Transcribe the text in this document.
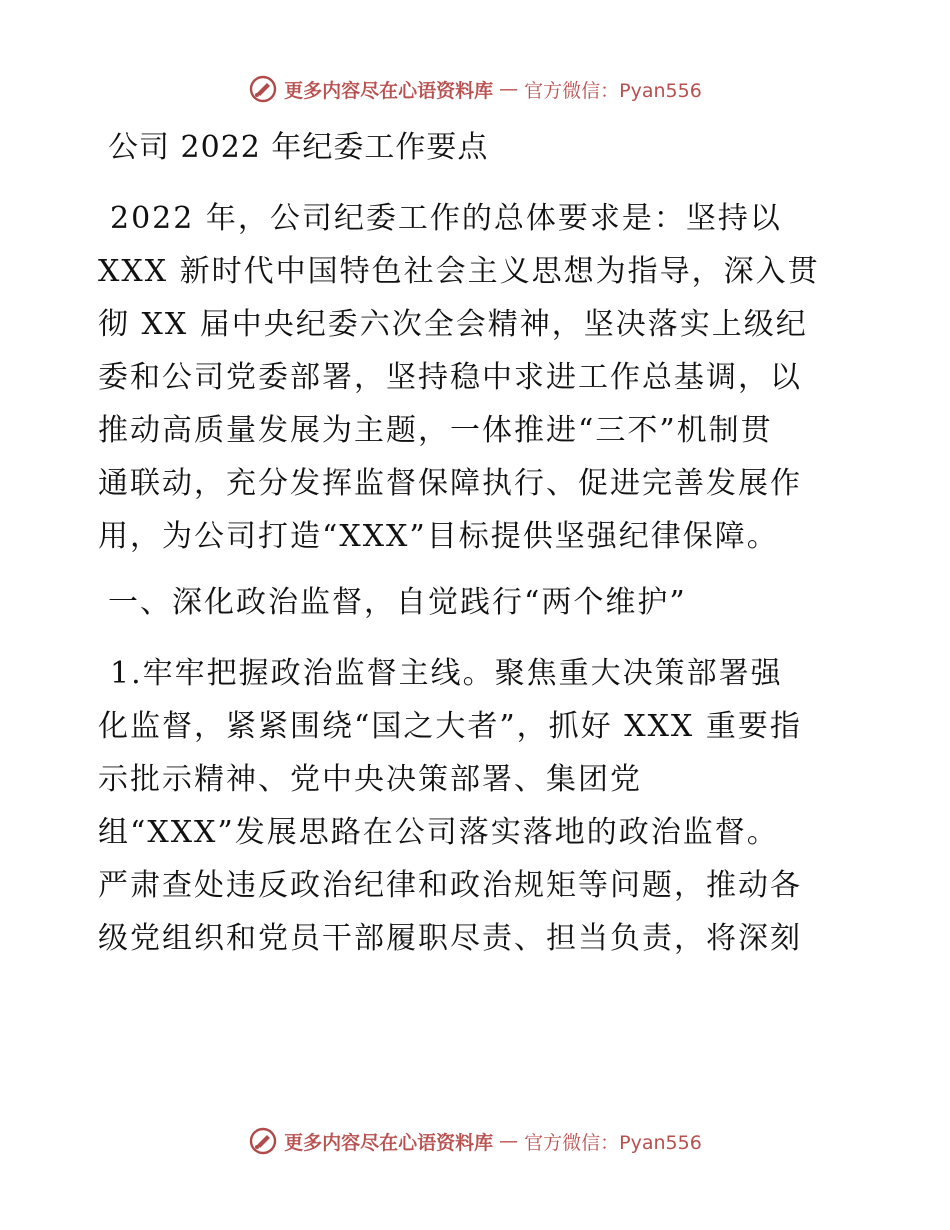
更多内容尽在心语资料库 — 官方微信：Pyan556
公司 2022 年纪委工作要点
2022 年，公司纪委工作的总体要求是：坚持以
XXX 新时代中国特色社会主义思想为指导，深入贯
彻 XX 届中央纪委六次全会精神，坚决落实上级纪
委和公司党委部署，坚持稳中求进工作总基调，以
推动高质量发展为主题，一体推进“三不”机制贯
通联动，充分发挥监督保障执行、促进完善发展作
用，为公司打造“XXX”目标提供坚强纪律保障。
一、深化政治监督，自觉践行“两个维护”
1.牢牢把握政治监督主线。聚焦重大决策部署强
化监督，紧紧围绕“国之大者”，抓好 XXX 重要指
示批示精神、党中央决策部署、集团党
组“XXX”发展思路在公司落实落地的政治监督。
严肃查处违反政治纪律和政治规矩等问题，推动各
级党组织和党员干部履职尽责、担当负责，将深刻
更多内容尽在心语资料库 — 官方微信：Pyan556
